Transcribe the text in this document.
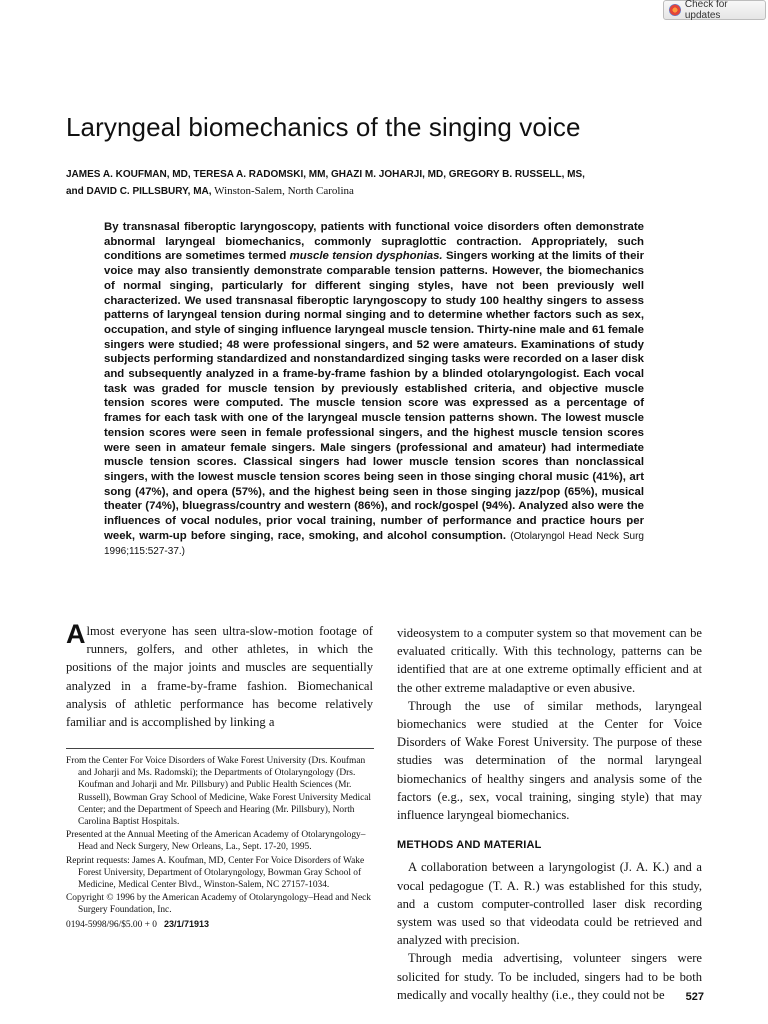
Check for updates
Laryngeal biomechanics of the singing voice
JAMES A. KOUFMAN, MD, TERESA A. RADOMSKI, MM, GHAZI M. JOHARJI, MD, GREGORY B. RUSSELL, MS,
and DAVID C. PILLSBURY, MA, Winston-Salem, North Carolina

By transnasal fiberoptic laryngoscopy, patients with functional voice disorders often demonstrate abnormal laryngeal biomechanics, commonly supraglottic contraction. Appropriately, such conditions are sometimes termed muscle tension dysphonias. Singers working at the limits of their voice may also transiently demonstrate comparable tension patterns. However, the biomechanics of normal singing, particularly for different singing styles, have not been previously well characterized. We used transnasal fiberoptic laryngoscopy to study 100 healthy singers to assess patterns of laryngeal tension during normal singing and to determine whether factors such as sex, occupation, and style of singing influence laryngeal muscle tension. Thirty-nine male and 61 female singers were studied; 48 were professional singers, and 52 were amateurs. Examinations of study subjects performing standardized and nonstandardized singing tasks were recorded on a laser disk and subsequently analyzed in a frame-by-frame fashion by a blinded otolaryngologist. Each vocal task was graded for muscle tension by previously established criteria, and objective muscle tension scores were computed. The muscle tension score was expressed as a percentage of frames for each task with one of the laryngeal muscle tension patterns shown. The lowest muscle tension scores were seen in female professional singers, and the highest muscle tension scores were seen in amateur female singers. Male singers (professional and amateur) had intermediate muscle tension scores. Classical singers had lower muscle tension scores than nonclassical singers, with the lowest muscle tension scores being seen in those singing choral music (41%), art song (47%), and opera (57%), and the highest being seen in those singing jazz/pop (65%), musical theater (74%), bluegrass/country and western (86%), and rock/gospel (94%). Analyzed also were the influences of vocal nodules, prior vocal training, number of performance and practice hours per week, warm-up before singing, race, smoking, and alcohol consumption. (Otolaryngol Head Neck Surg 1996;115:527-37.)

Almost everyone has seen ultra-slow-motion footage of runners, golfers, and other athletes, in which the positions of the major joints and muscles are sequentially analyzed in a frame-by-frame fashion. Biomechanical analysis of athletic performance has become relatively familiar and is accomplished by linking a

From the Center For Voice Disorders of Wake Forest University (Drs. Koufman and Joharji and Ms. Radomski); the Departments of Otolaryngology (Drs. Koufman and Joharji and Mr. Pillsbury) and Public Health Sciences (Mr. Russell), Bowman Gray School of Medicine, Wake Forest University Medical Center; and the Department of Speech and Hearing (Mr. Pillsbury), North Carolina Baptist Hospitals.

Presented at the Annual Meeting of the American Academy of Otolaryngology–Head and Neck Surgery, New Orleans, La., Sept. 17-20, 1995.

Reprint requests: James A. Koufman, MD, Center For Voice Disorders of Wake Forest University, Department of Otolaryngology, Bowman Gray School of Medicine, Medical Center Blvd., Winston-Salem, NC 27157-1034.

Copyright © 1996 by the American Academy of Otolaryngology–Head and Neck Surgery Foundation, Inc.

0194-5998/96/$5.00 + 0 23/1/71913

videosystem to a computer system so that movement can be evaluated critically. With this technology, patterns can be identified that are at one extreme optimally efficient and at the other extreme maladaptive or even abusive.

Through the use of similar methods, laryngeal biomechanics were studied at the Center for Voice Disorders of Wake Forest University. The purpose of these studies was determination of the normal laryngeal biomechanics of healthy singers and analysis some of the factors (e.g., sex, vocal training, singing style) that may influence laryngeal biomechanics.

METHODS AND MATERIAL

A collaboration between a laryngologist (J. A. K.) and a vocal pedagogue (T. A. R.) was established for this study, and a custom computer-controlled laser disk recording system was used so that videodata could be retrieved and analyzed with precision.

Through media advertising, volunteer singers were solicited for study. To be included, singers had to be both medically and vocally healthy (i.e., they could not be	527
